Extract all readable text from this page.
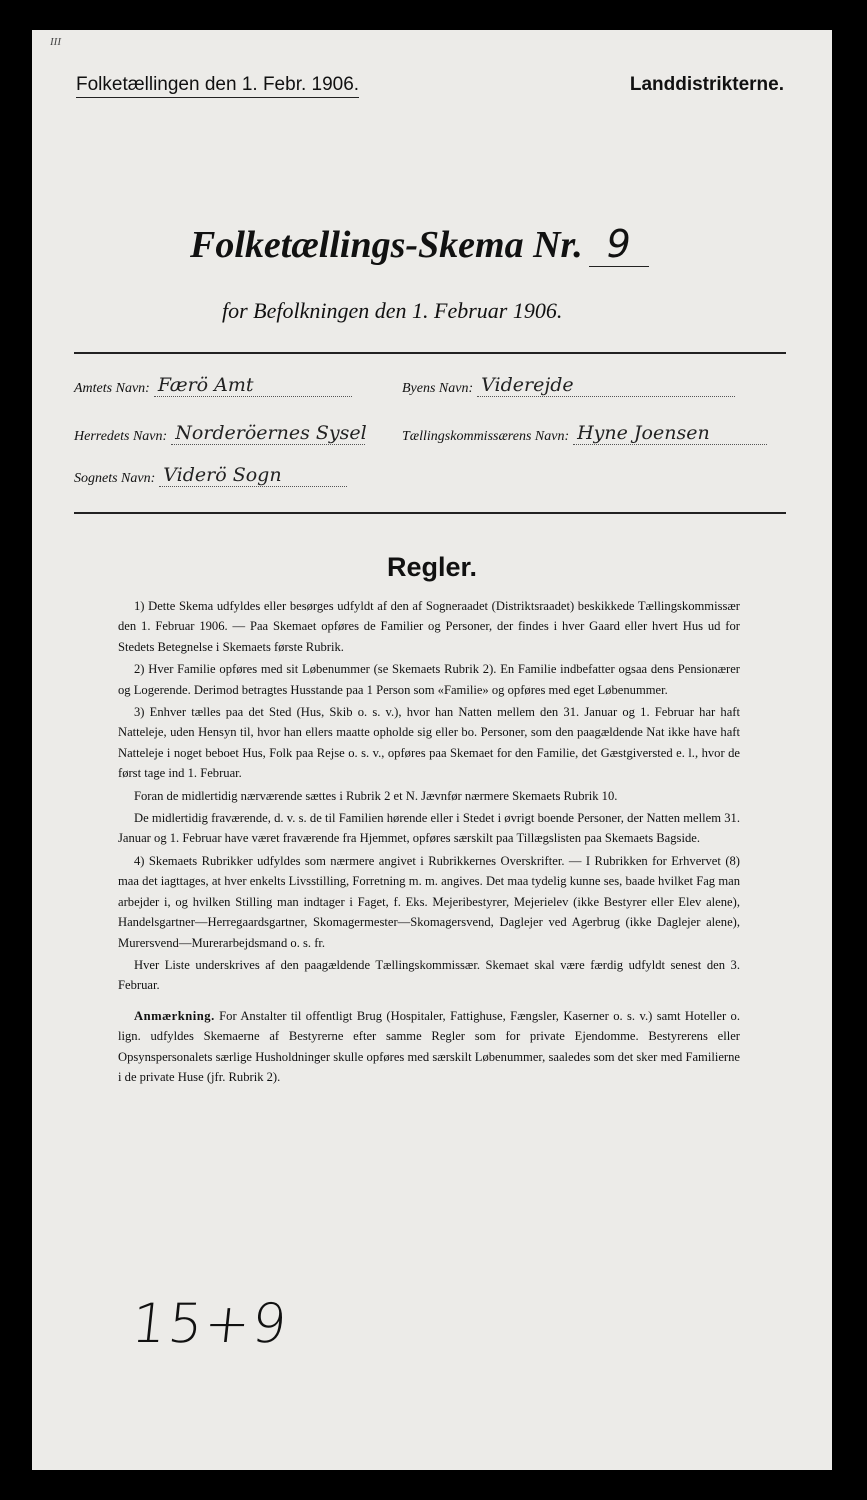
III
Folketællingen den 1. Febr. 1906.	Landdistrikterne.
Folketællings-Skema Nr. 9
for Befolkningen den 1. Februar 1906.
Amtets Navn: Færö Amt	Byens Navn: Viderejde
Herredets Navn: Norderöernes Sysel	Tællingskommissærens Navn: Hyne Joensen
Sognets Navn: Viderö Sogn
Regler.

1) Dette Skema udfyldes eller besørges udfyldt af den af Sogneraadet (Distriktsraadet) beskikkede Tællingskommissær den 1. Februar 1906. — Paa Skemaet opføres de Familier og Personer, der findes i hver Gaard eller hvert Hus ud for Stedets Betegnelse i Skemaets første Rubrik.

2) Hver Familie opføres med sit Løbenummer (se Skemaets Rubrik 2). En Familie indbefatter ogsaa dens Pensionærer og Logerende. Derimod betragtes Husstande paa 1 Person som «Familie» og opføres med eget Løbenummer.

3) Enhver tælles paa det Sted (Hus, Skib o. s. v.), hvor han Natten mellem den 31. Januar og 1. Februar har haft Natteleje, uden Hensyn til, hvor han ellers maatte opholde sig eller bo. Personer, som den paagældende Nat ikke have haft Natteleje i noget beboet Hus, Folk paa Rejse o. s. v., opføres paa Skemaet for den Familie, det Gæstgiversted e. l., hvor de først tage ind 1. Februar.

Foran de midlertidig nærværende sættes i Rubrik 2 et N. Jævnfør nærmere Skemaets Rubrik 10.

De midlertidig fraværende, d. v. s. de til Familien hørende eller i Stedet i øvrigt boende Personer, der Natten mellem 31. Januar og 1. Februar have været fraværende fra Hjemmet, opføres særskilt paa Tillægslisten paa Skemaets Bagside.

4) Skemaets Rubrikker udfyldes som nærmere angivet i Rubrikkernes Overskrifter. — I Rubrikken for Erhvervet (8) maa det iagttages, at hver enkelts Livsstilling, Forretning m. m. angives. Det maa tydelig kunne ses, baade hvilket Fag man arbejder i, og hvilken Stilling man indtager i Faget, f. Eks. Mejeribestyrer, Mejerielev (ikke Bestyrer eller Elev alene), Handelsgartner—Herregaardsgartner, Skomagermester—Skomagersvend, Daglejer ved Agerbrug (ikke Daglejer alene), Murersvend—Murerarbejdsmand o. s. fr.

Hver Liste underskrives af den paagældende Tællingskommissær. Skemaet skal være færdig udfyldt senest den 3. Februar.

Anmærkning. For Anstalter til offentligt Brug (Hospitaler, Fattighuse, Fængsler, Kaserner o. s. v.) samt Hoteller o. lign. udfyldes Skemaerne af Bestyrerne efter samme Regler som for private Ejendomme. Bestyrerens eller Opsynspersonalets særlige Husholdninger skulle opføres med særskilt Løbenummer, saaledes som det sker med Familierne i de private Huse (jfr. Rubrik 2).

15+9
